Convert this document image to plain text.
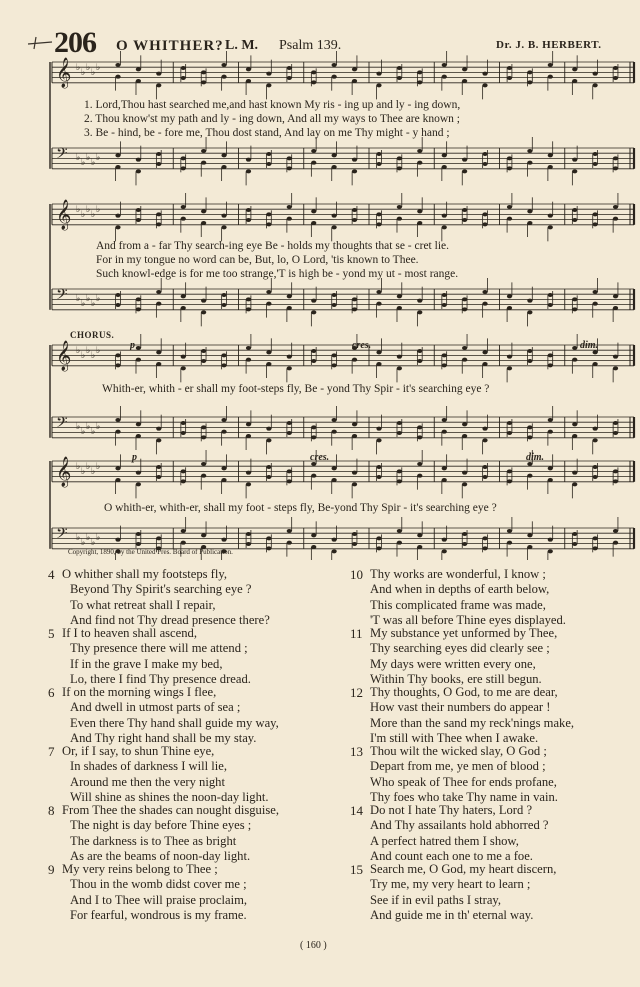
206 O WHITHER? L. M. Psalm 139.	Dr. J. B. HERBERT.
𝄞 ♭ ♭ ♭ ♭ ♭
𝄢 ♭ ♭ ♭ ♭ ♭
𝄞 ♭ ♭ ♭ ♭ ♭
𝄢 ♭ ♭ ♭ ♭ ♭
𝄞 ♭ ♭ ♭ ♭ ♭
𝄢 ♭ ♭ ♭ ♭ ♭
𝄞 ♭ ♭ ♭ ♭ ♭
𝄢 ♭ ♭ ♭ ♭ ♭
1. Lord,Thou hast searched me,and hast known My ris - ing up and ly - ing down,
2. Thou know'st my path and ly - ing down, And all my ways to Thee are known ;
3. Be - hind, be - fore me, Thou dost stand, And lay on me Thy might - y hand ;
And from a - far Thy search-ing eye Be - holds my thoughts that se - cret lie.
For in my tongue no word can be, But, lo, O Lord, 'tis known to Thee.
Such knowl-edge is for me too strange,'T is high be - yond my ut - most range.
CHORUS.
p	cres.	dim.
Whith-er, whith - er shall my foot-steps fly, Be - yond Thy Spir - it's searching eye ?
p	cres.	dim.
O whith-er, whith-er, shall my foot - steps fly, Be-yond Thy Spir - it's searching eye ?
Copyright, 1890, by the United Pres. Board of Publication.
4 O whither shall my footsteps fly,
Beyond Thy Spirit's searching eye ?
To what retreat shall I repair,
And find not Thy dread presence there?
5 If I to heaven shall ascend,
Thy presence there will me attend ;
If in the grave I make my bed,
Lo, there I find Thy presence dread.
6 If on the morning wings I flee,
And dwell in utmost parts of sea ;
Even there Thy hand shall guide my way,
And Thy right hand shall be my stay.
7 Or, if I say, to shun Thine eye,
In shades of darkness I will lie,
Around me then the very night
Will shine as shines the noon-day light.
8 From Thee the shades can nought disguise,
The night is day before Thine eyes ;
The darkness is to Thee as bright
As are the beams of noon-day light.
9 My very reins belong to Thee ;
Thou in the womb didst cover me ;
And I to Thee will praise proclaim,
For fearful, wondrous is my frame.
10 Thy works are wonderful, I know ;
And when in depths of earth below,
This complicated frame was made,
'T was all before Thine eyes displayed.
11 My substance yet unformed by Thee,
Thy searching eyes did clearly see ;
My days were written every one,
Within Thy books, ere still begun.
12 Thy thoughts, O God, to me are dear,
How vast their numbers do appear !
More than the sand my reck'nings make,
I'm still with Thee when I awake.
13 Thou wilt the wicked slay, O God ;
Depart from me, ye men of blood ;
Who speak of Thee for ends profane,
Thy foes who take Thy name in vain.
14 Do not I hate Thy haters, Lord ?
And Thy assailants hold abhorred ?
A perfect hatred them I show,
And count each one to me a foe.
15 Search me, O God, my heart discern,
Try me, my very heart to learn ;
See if in evil paths I stray,
And guide me in th' eternal way.
( 160 )
